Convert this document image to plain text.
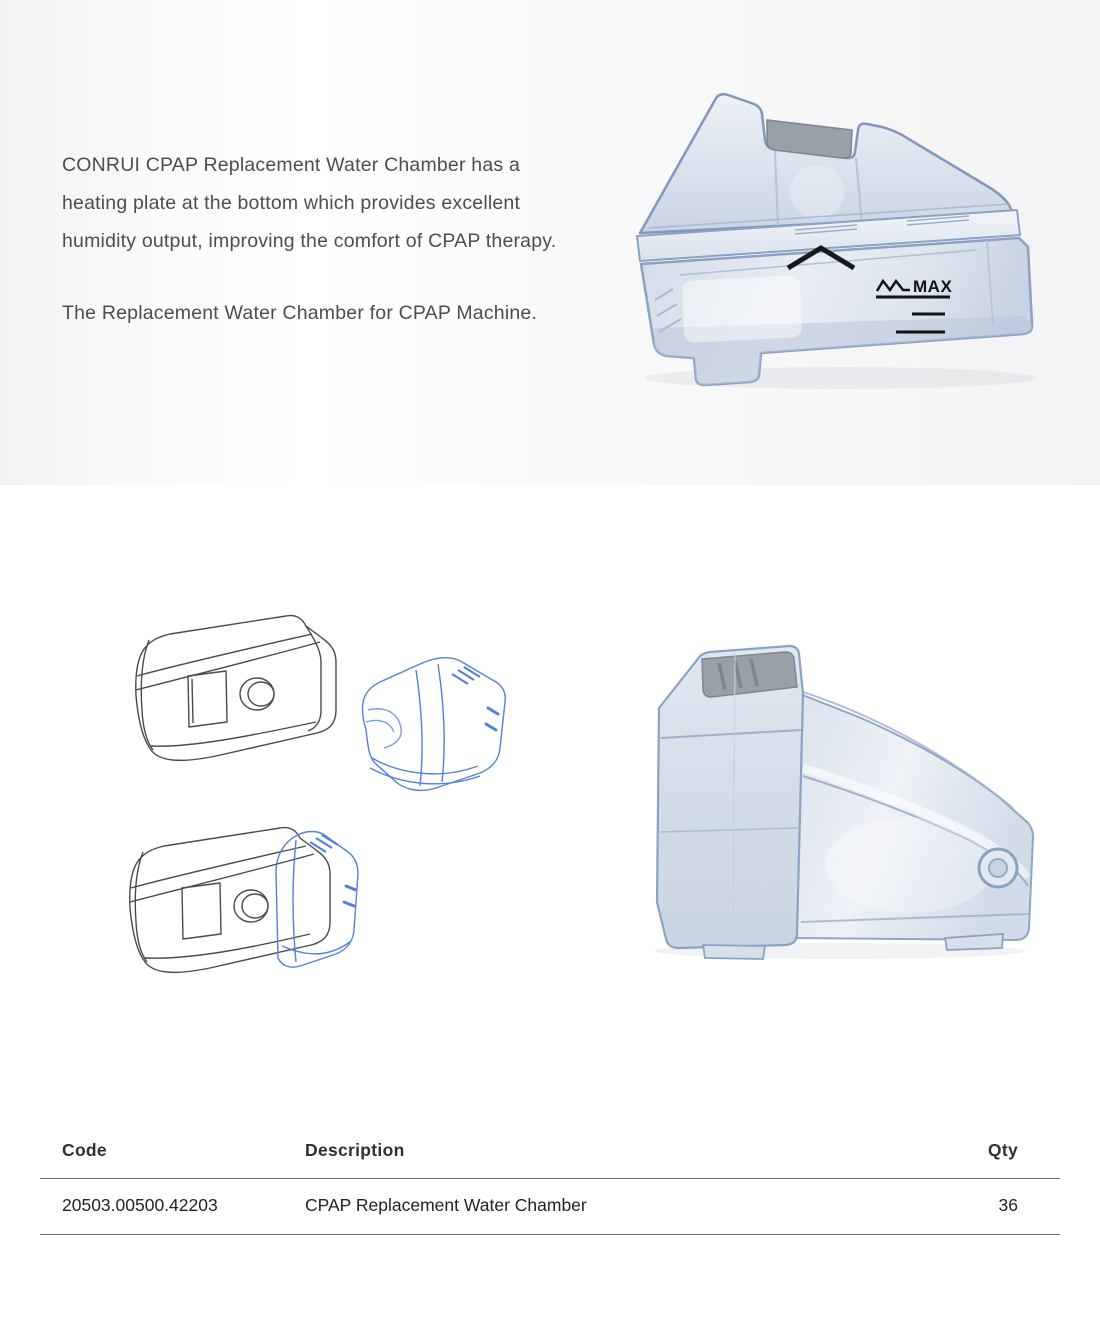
CONRUI CPAP Replacement Water Chamber has a
heating plate at the bottom which provides excellent
humidity output, improving the comfort of CPAP therapy.
The Replacement Water Chamber for CPAP Machine.
MAX
Code	Description	Qty
20503.00500.42203	CPAP Replacement Water Chamber	36
